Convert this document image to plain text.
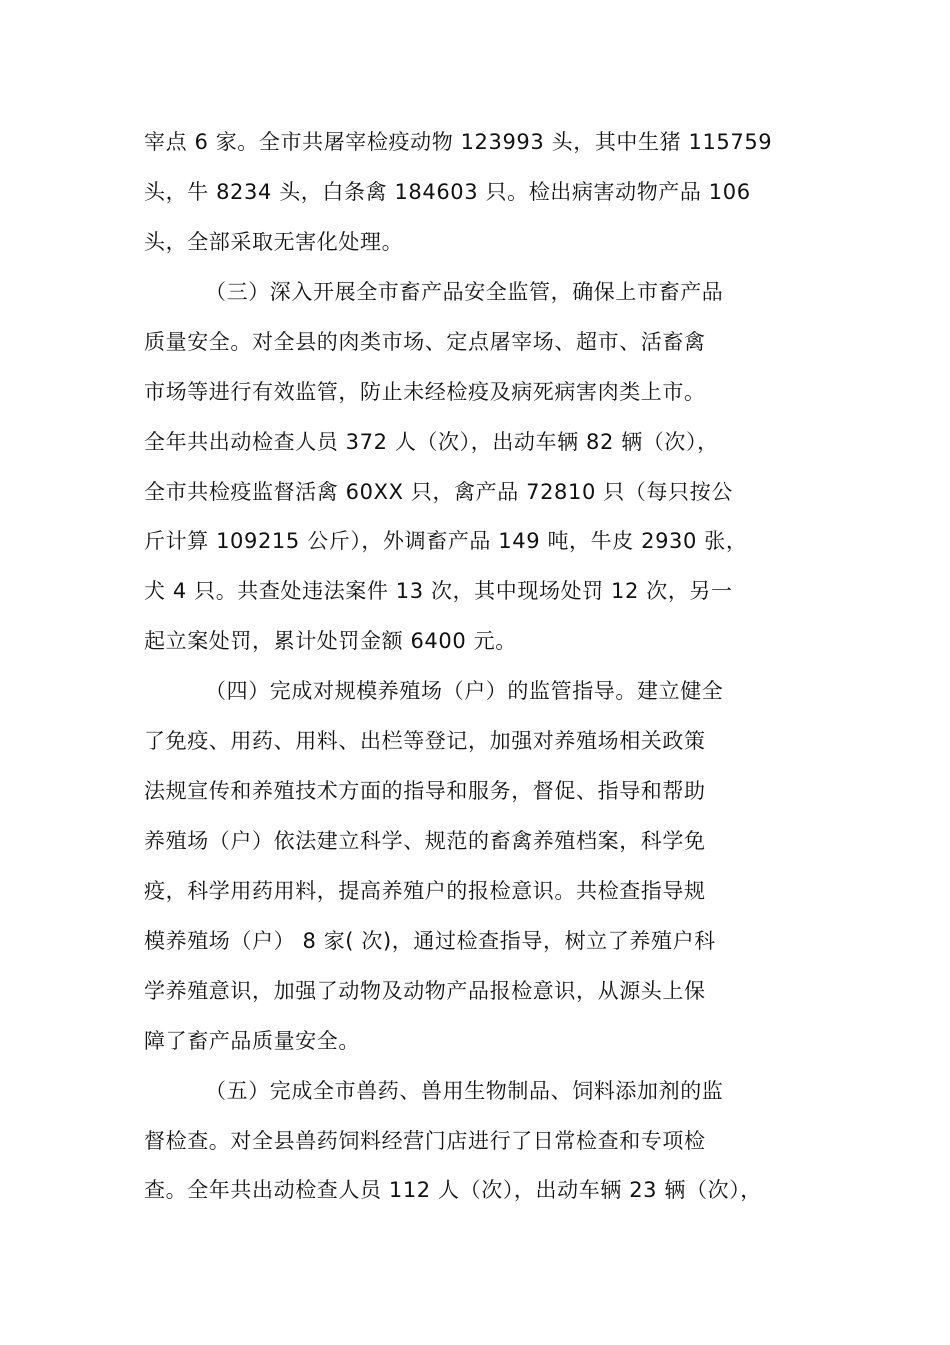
宰点 6 家。全市共屠宰检疫动物 123993 头，其中生猪 115759
头，牛 8234 头，白条禽 184603 只。检出病害动物产品 106
头，全部采取无害化处理。
（三）深入开展全市畜产品安全监管，确保上市畜产品
质量安全。对全县的肉类市场、定点屠宰场、超市、活畜禽
市场等进行有效监管，防止未经检疫及病死病害肉类上市。
全年共出动检查人员 372 人（次），出动车辆 82 辆（次），
全市共检疫监督活禽 60XX 只，禽产品 72810 只（每只按公
斤计算 109215 公斤），外调畜产品 149 吨，牛皮 2930 张，
犬 4 只。共查处违法案件 13 次，其中现场处罚 12 次，另一
起立案处罚，累计处罚金额 6400 元。
（四）完成对规模养殖场（户）的监管指导。建立健全
了免疫、用药、用料、出栏等登记，加强对养殖场相关政策
法规宣传和养殖技术方面的指导和服务，督促、指导和帮助
养殖场（户）依法建立科学、规范的畜禽养殖档案，科学免
疫，科学用药用料，提高养殖户的报检意识。共检查指导规
模养殖场（户） 8 家( 次)，通过检查指导，树立了养殖户科
学养殖意识，加强了动物及动物产品报检意识，从源头上保
障了畜产品质量安全。
（五）完成全市兽药、兽用生物制品、饲料添加剂的监
督检查。对全县兽药饲料经营门店进行了日常检查和专项检
查。全年共出动检查人员 112 人（次），出动车辆 23 辆（次），
